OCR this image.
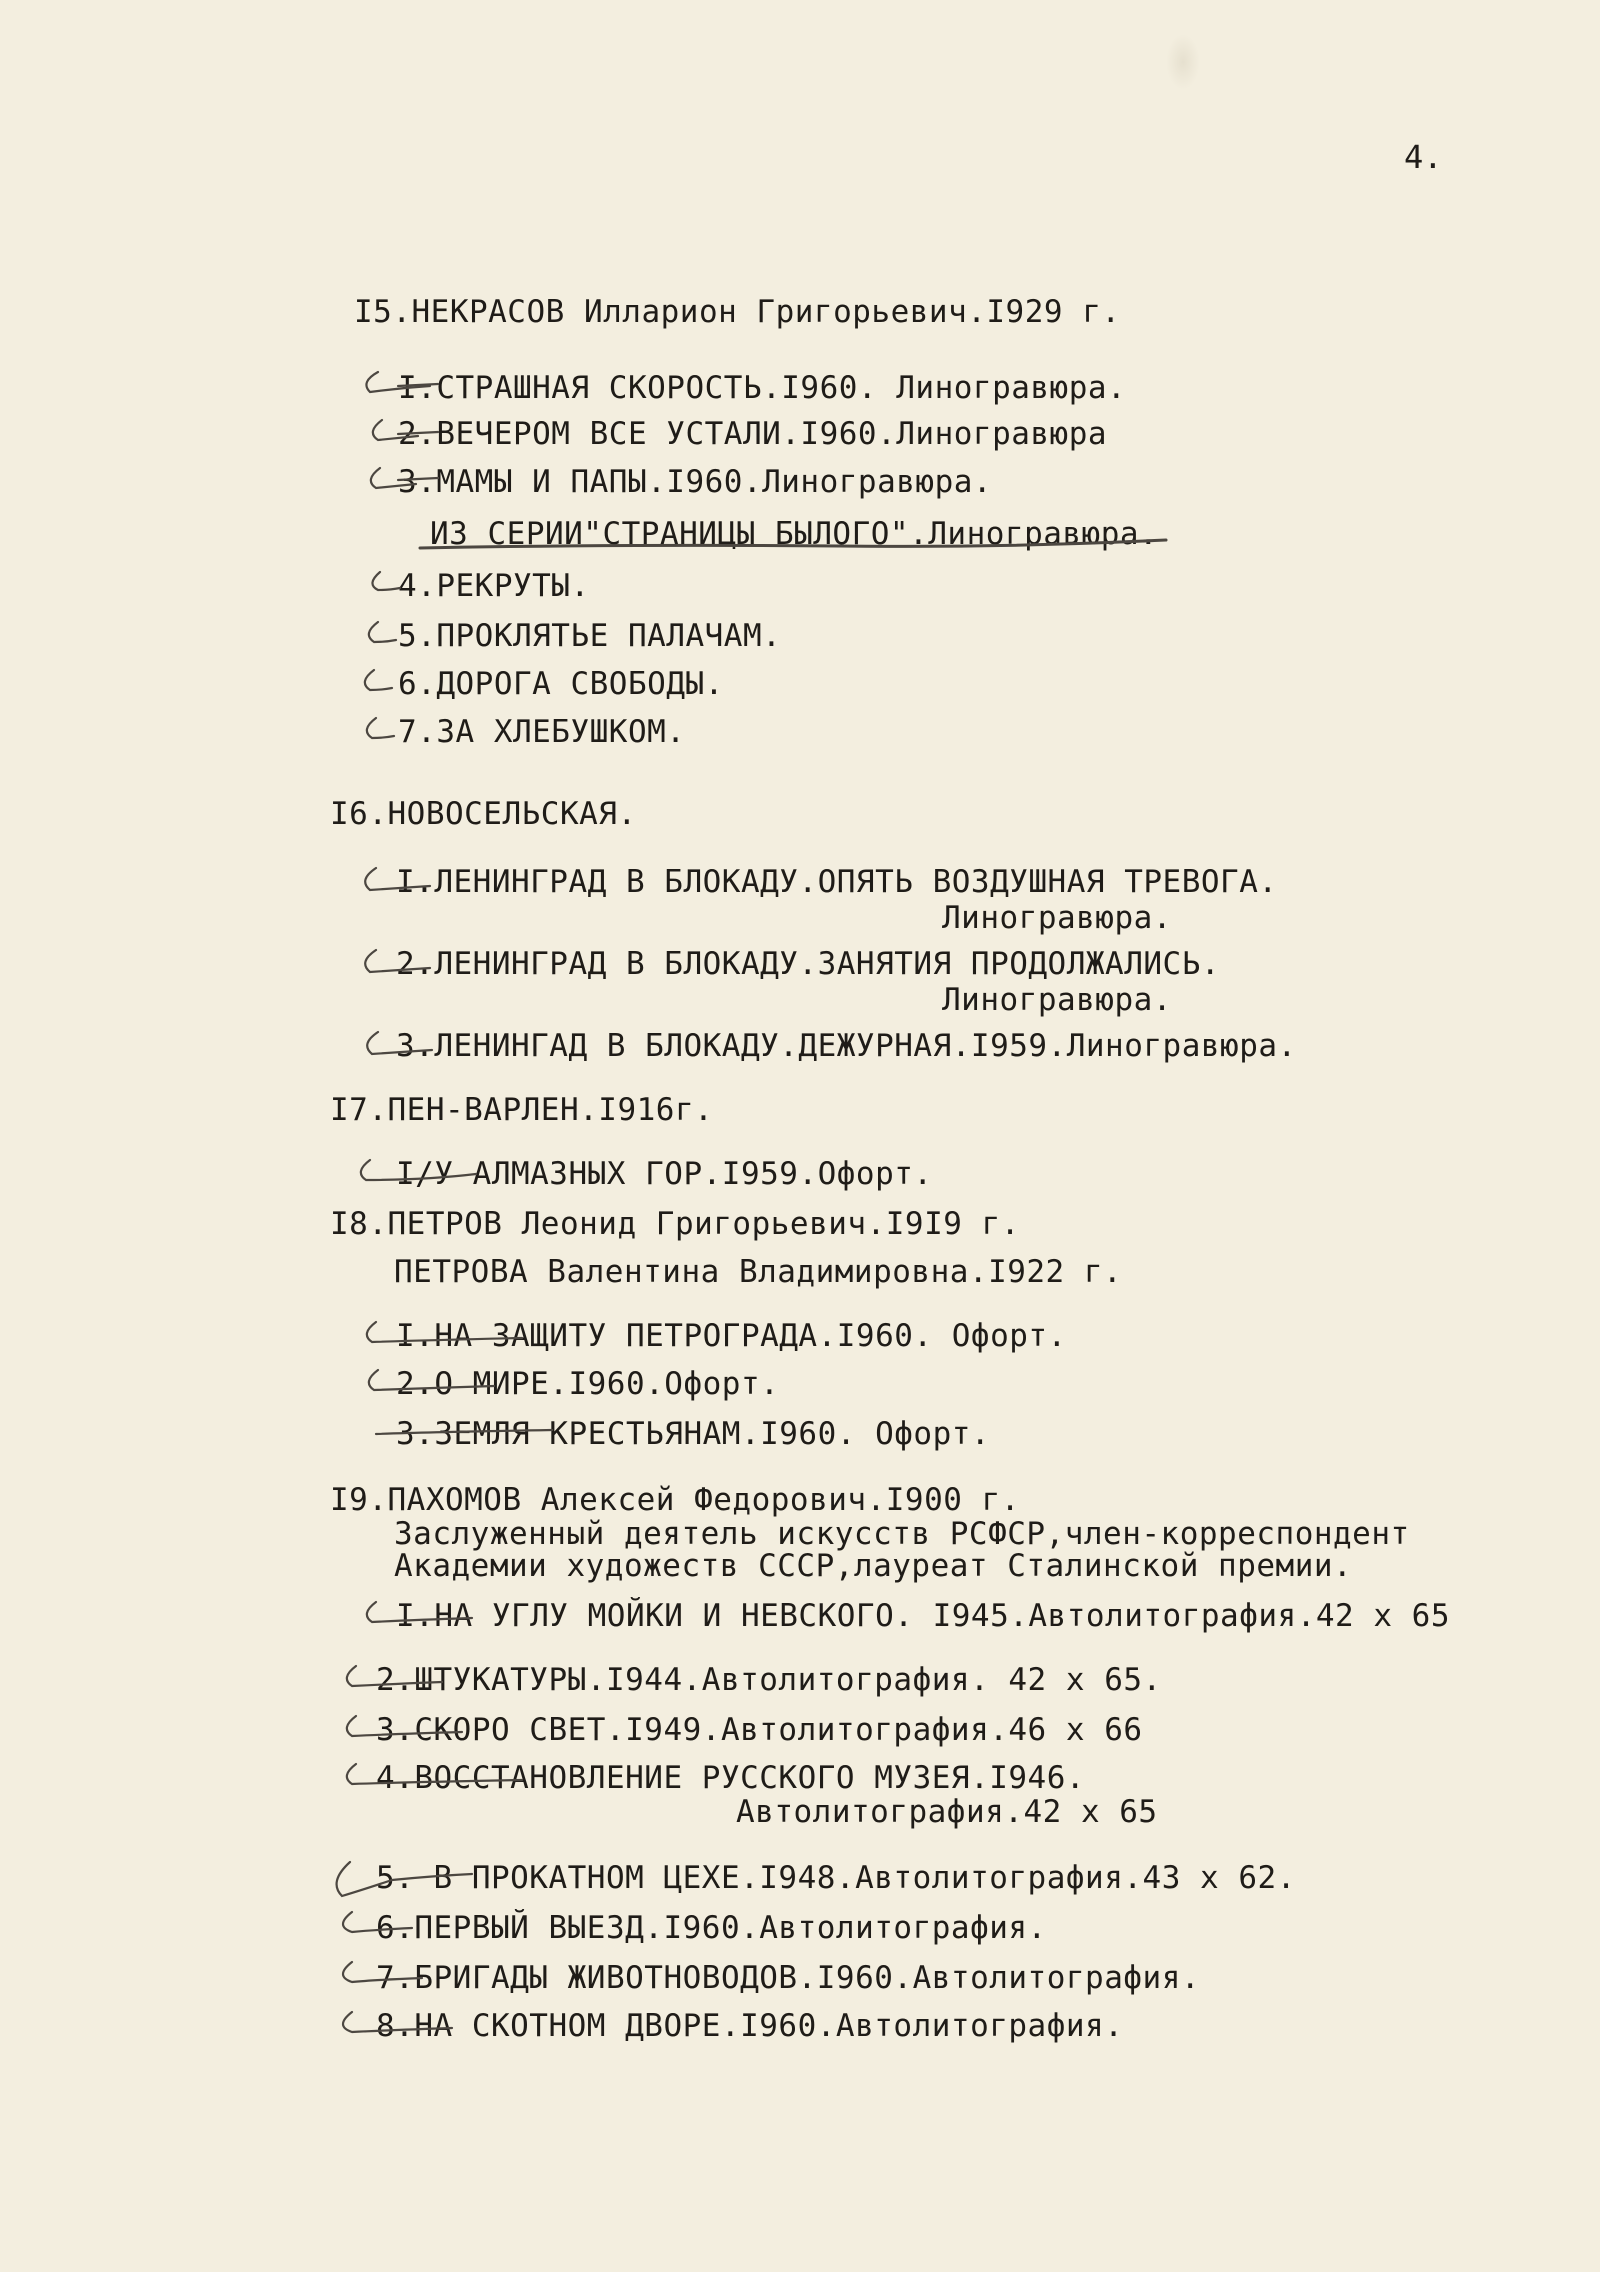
4.
I5.НЕКРАСОВ Илларион Григорьевич.I929 г.
I.СТРАШНАЯ СКОРОСТЬ.I960. Линогравюра.
2.ВЕЧЕРОМ ВСЕ УСТАЛИ.I960.Линогравюра
3.МАМЫ И ПАПЫ.I960.Линогравюра.
ИЗ СЕРИИ"СТРАНИЦЫ БЫЛОГО".Линогравюра.
4.РЕКРУТЫ.
5.ПРОКЛЯТЬЕ ПАЛАЧАМ.
6.ДОРОГА СВОБОДЫ.
7.ЗА ХЛЕБУШКОМ.
I6.НОВОСЕЛЬСКАЯ.
I.ЛЕНИНГРАД В БЛОКАДУ.ОПЯТЬ ВОЗДУШНАЯ ТРЕВОГА.
Линогравюра.
2.ЛЕНИНГРАД В БЛОКАДУ.ЗАНЯТИЯ ПРОДОЛЖАЛИСЬ.
Линогравюра.
3.ЛЕНИНГАД В БЛОКАДУ.ДЕЖУРНАЯ.I959.Линогравюра.
I7.ПЕН-ВАРЛЕН.I916г.
I/У АЛМАЗНЫХ ГОР.I959.Офорт.
I8.ПЕТРОВ Леонид Григорьевич.I9I9 г.
ПЕТРОВА Валентина Владимировна.I922 г.
I.НА ЗАЩИТУ ПЕТРОГРАДА.I960. Офорт.
2.О МИРЕ.I960.Офорт.
3.ЗЕМЛЯ КРЕСТЬЯНАМ.I960. Офорт.
I9.ПАХОМОВ Алексей Федорович.I900 г.
Заслуженный деятель искусств РСФСР,член-корреспондент
Академии художеств СССР,лауреат Сталинской премии.
I.НА УГЛУ МОЙКИ И НЕВСКОГО. I945.Автолитография.42 х 65
2.ШТУКАТУРЫ.I944.Автолитография. 42 х 65.
3.СКОРО СВЕТ.I949.Автолитография.46 х 66
4.ВОССТАНОВЛЕНИЕ РУССКОГО МУЗЕЯ.I946.
Автолитография.42 х 65
5. В ПРОКАТНОМ ЦЕХЕ.I948.Автолитография.43 х 62.
6.ПЕРВЫЙ ВЫЕЗД.I960.Автолитография.
7.БРИГАДЫ ЖИВОТНОВОДОВ.I960.Автолитография.
8.НА СКОТНОМ ДВОРЕ.I960.Автолитография.
